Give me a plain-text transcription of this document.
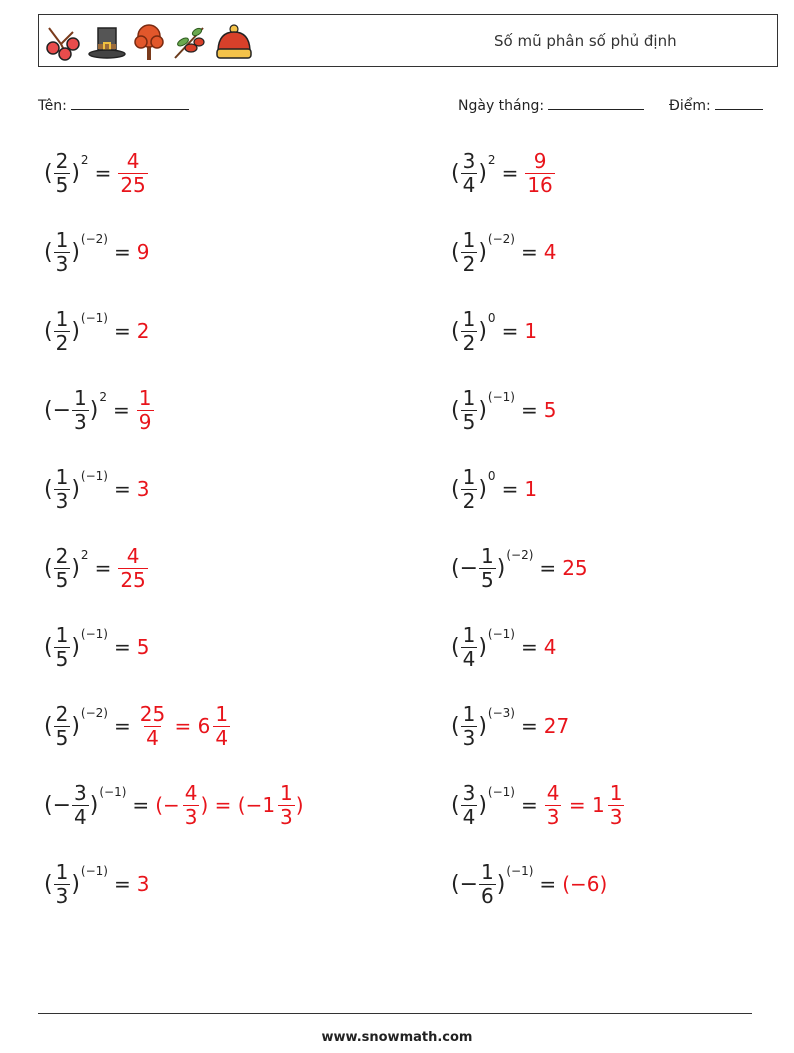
Số mũ phân số phủ định
Tên:	Ngày tháng:	Điểm:
( $\frac{2}{5}$ )
2
= $\frac{4}{25}$	( $\frac{3}{4}$ )
2
= $\frac{9}{16}$
( $\frac{1}{3}$ )
(−2)
= 9	( $\frac{1}{2}$ )
(−2)
= 4
( $\frac{1}{2}$ )
(−1)
= 2	( $\frac{1}{2}$ )
0
= 1
(− $\frac{1}{3}$ )
2
= $\frac{1}{9}$	( $\frac{1}{5}$ )
(−1)
= 5
( $\frac{1}{3}$ )
(−1)
= 3	( $\frac{1}{2}$ )
0
= 1
( $\frac{2}{5}$ )
2
= $\frac{4}{25}$	(− $\frac{1}{5}$ )
(−2)
= 25
( $\frac{1}{5}$ )
(−1)
= 5	( $\frac{1}{4}$ )
(−1)
= 4
( $\frac{2}{5}$ )
(−2)
= $\frac{25}{4} = 6 \frac{1}{4}$	( $\frac{1}{3}$ )
(−3)
= 27
(− $\frac{3}{4}$ )
(−1)
= (− $\frac{4}{3}$ ) = ($-1 \frac{1}{3}$ )	( $\frac{3}{4}$ )
(−1)
= $\frac{4}{3} = 1 \frac{1}{3}$
( $\frac{1}{3}$ )
(−1)
= 3	(− $\frac{1}{6}$ )
(−1)
= (−6)
www.snowmath.com
